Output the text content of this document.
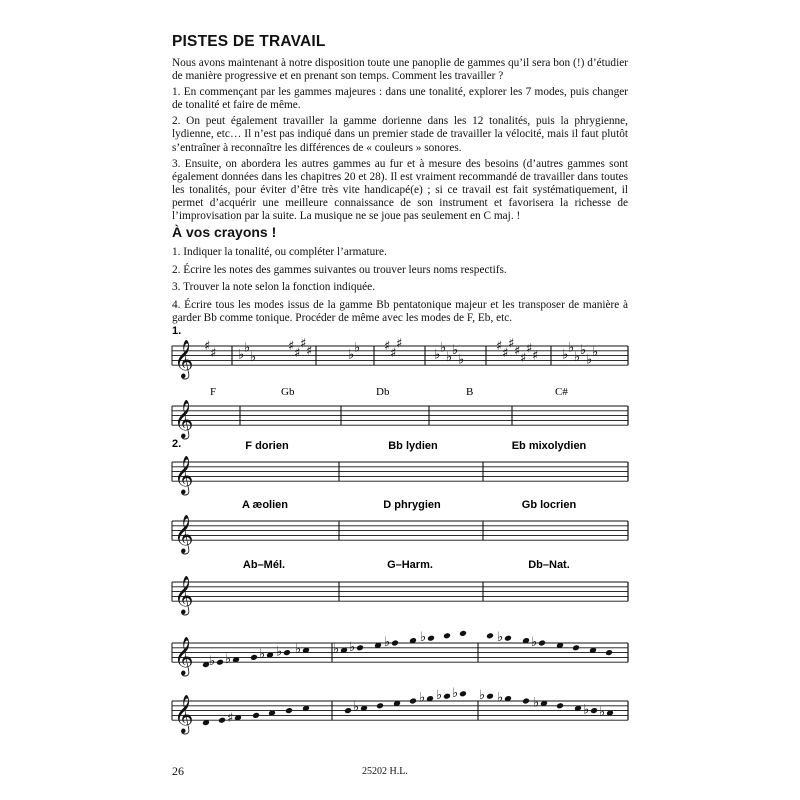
PISTES DE TRAVAIL

Nous avons maintenant à notre disposition toute une panoplie de gammes qu’il sera bon (!) d’étudier de manière progressive et en prenant son temps. Comment les travailler ?

1. En commençant par les gammes majeures : dans une tonalité, explorer les 7 modes, puis changer de tonalité et faire de même.

2. On peut également travailler la gamme dorienne dans les 12 tonalités, puis la phrygienne, lydienne, etc… Il n’est pas indiqué dans un premier stade de travailler la vélocité, mais il faut plutôt s’entraîner à reconnaître les différences de « couleurs » sonores.

3. Ensuite, on abordera les autres gammes au fur et à mesure des besoins (d’autres gammes sont également données dans les chapitres 20 et 28). Il est vraiment recommandé de travailler dans toutes les tonalités, pour éviter d’être très vite handicapé(e) ; si ce travail est fait systématiquement, il permet d’acquérir une meilleure connaissance de son instrument et favorisera la richesse de l’improvisation par la suite. La musique ne se joue pas seulement en C maj. !

À vos crayons !

1. Indiquer la tonalité, ou compléter l’armature.

2. Écrire les notes des gammes suivantes ou trouver leurs noms respectifs.

3. Trouver la note selon la fonction indiquée.

4. Écrire tous les modes issus de la gamme Bb pentatonique majeur et les transposer de manière à garder Bb comme tonique. Procéder de même avec les modes de F, Eb, etc.

1.
2.
F	Gb	Db	B	C#
F dorien	Bb lydien	Eb mixolydien
A æolien	D phrygien	Gb locrien
Ab–Mél.	G–Harm.	Db–Nat.
𝄞 ♯ ♯ ♭ ♭
♭
♯ ♯
♯ ♯	♭ ♭ ♯ ♯
♯
♭ ♭
♭ ♭
♭
♯ ♯
♯ ♯ ♯
♯ ♯ ♭ ♭
♭ ♭
♭ ♭
𝄞
𝄞
𝄞
𝄞
𝄞 ♭ ♭ ♭ ♭ ♭ ♭ ♭ ♭ ♭	♭ ♭
𝄞	♯
♭
♭ ♭ ♭ ♭ ♭ ♭	♭ ♭
26	25202 H.L.
